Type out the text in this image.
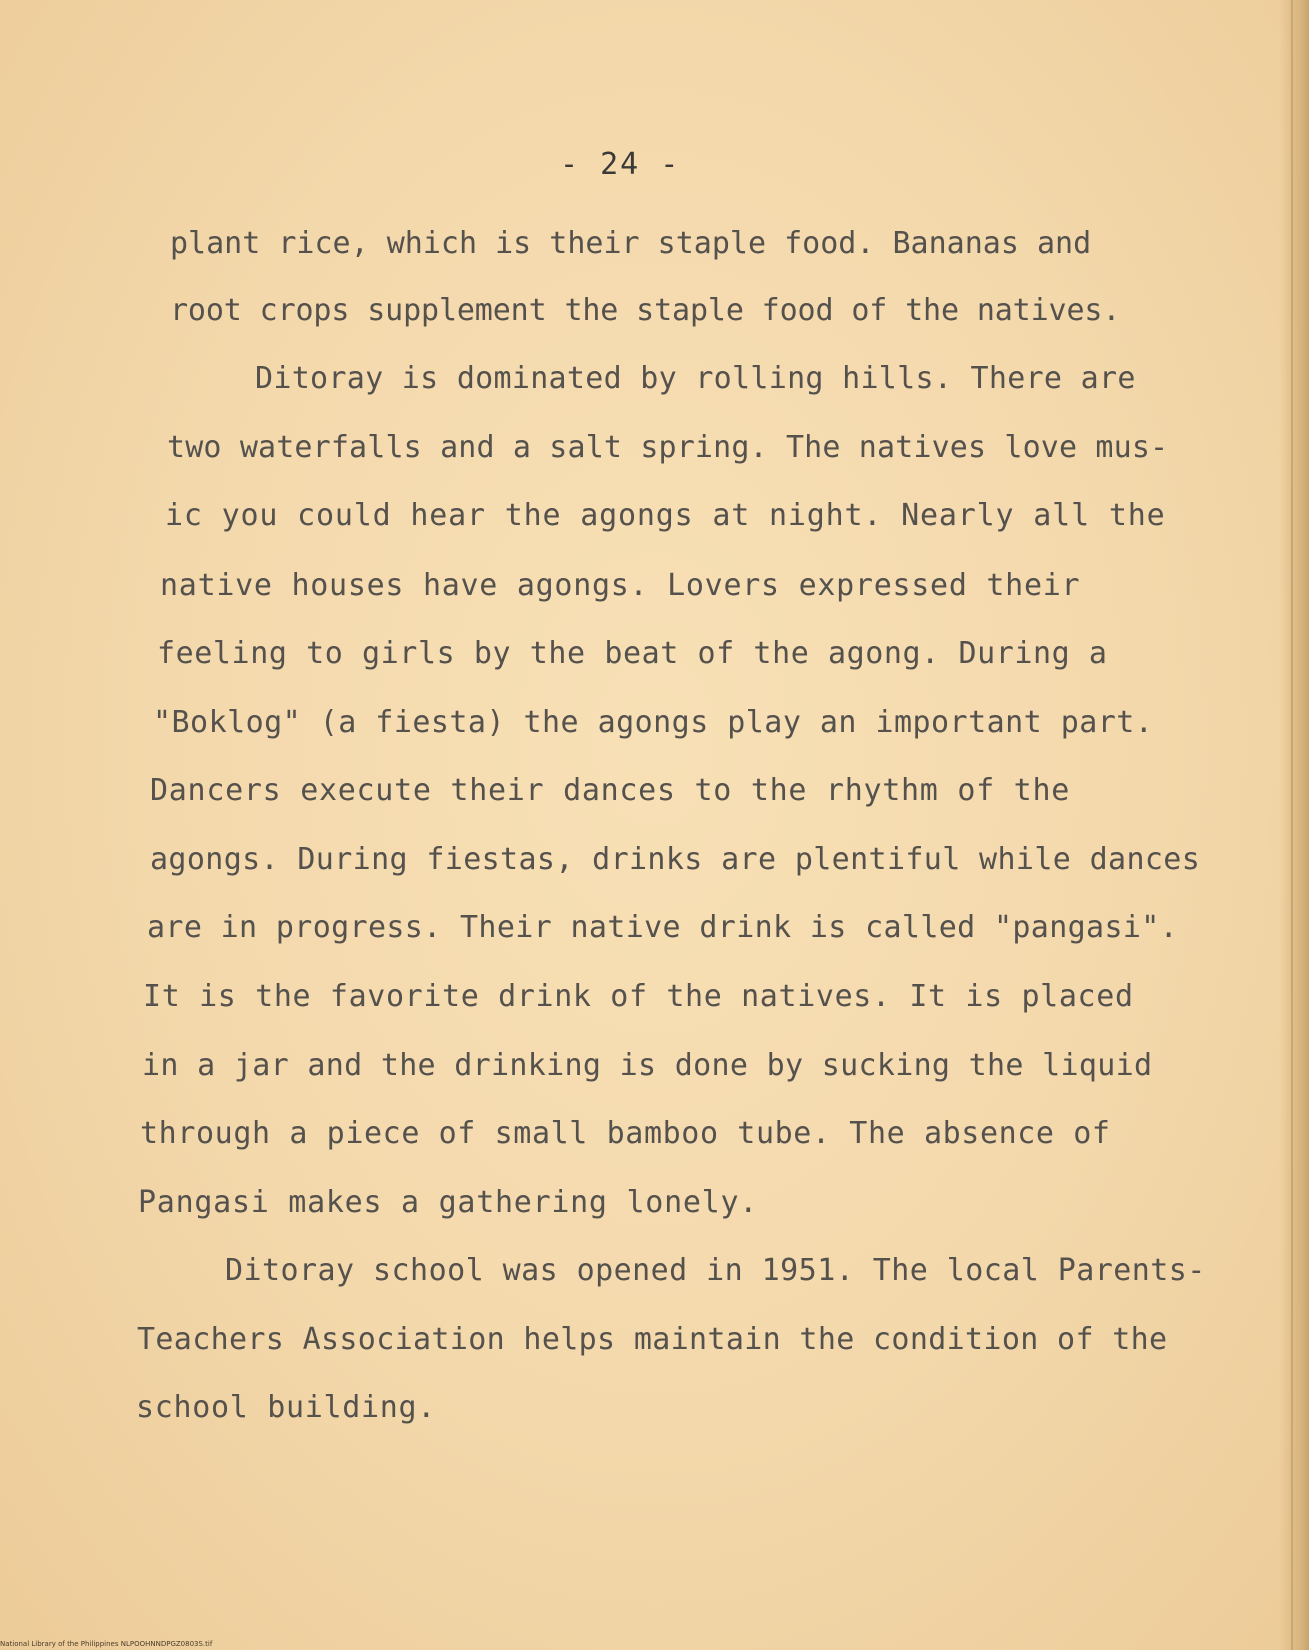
- 24 -
plant rice, which is their staple food. Bananas and
root crops supplement the staple food of the natives.
Ditoray is dominated by rolling hills. There are
two waterfalls and a salt spring. The natives love mus-
ic you could hear the agongs at night. Nearly all the
native houses have agongs. Lovers expressed their
feeling to girls by the beat of the agong. During a
"Boklog" (a fiesta) the agongs play an important part.
Dancers execute their dances to the rhythm of the
agongs. During fiestas, drinks are plentiful while dances
are in progress. Their native drink is called "pangasi".
It is the favorite drink of the natives. It is placed
in a jar and the drinking is done by sucking the liquid
through a piece of small bamboo tube. The absence of
Pangasi makes a gathering lonely.
Ditoray school was opened in 1951. The local Parents-
Teachers Association helps maintain the condition of the
school building.
National Library of the Philippines NLPOOHNNDPGZ0803S.tif
